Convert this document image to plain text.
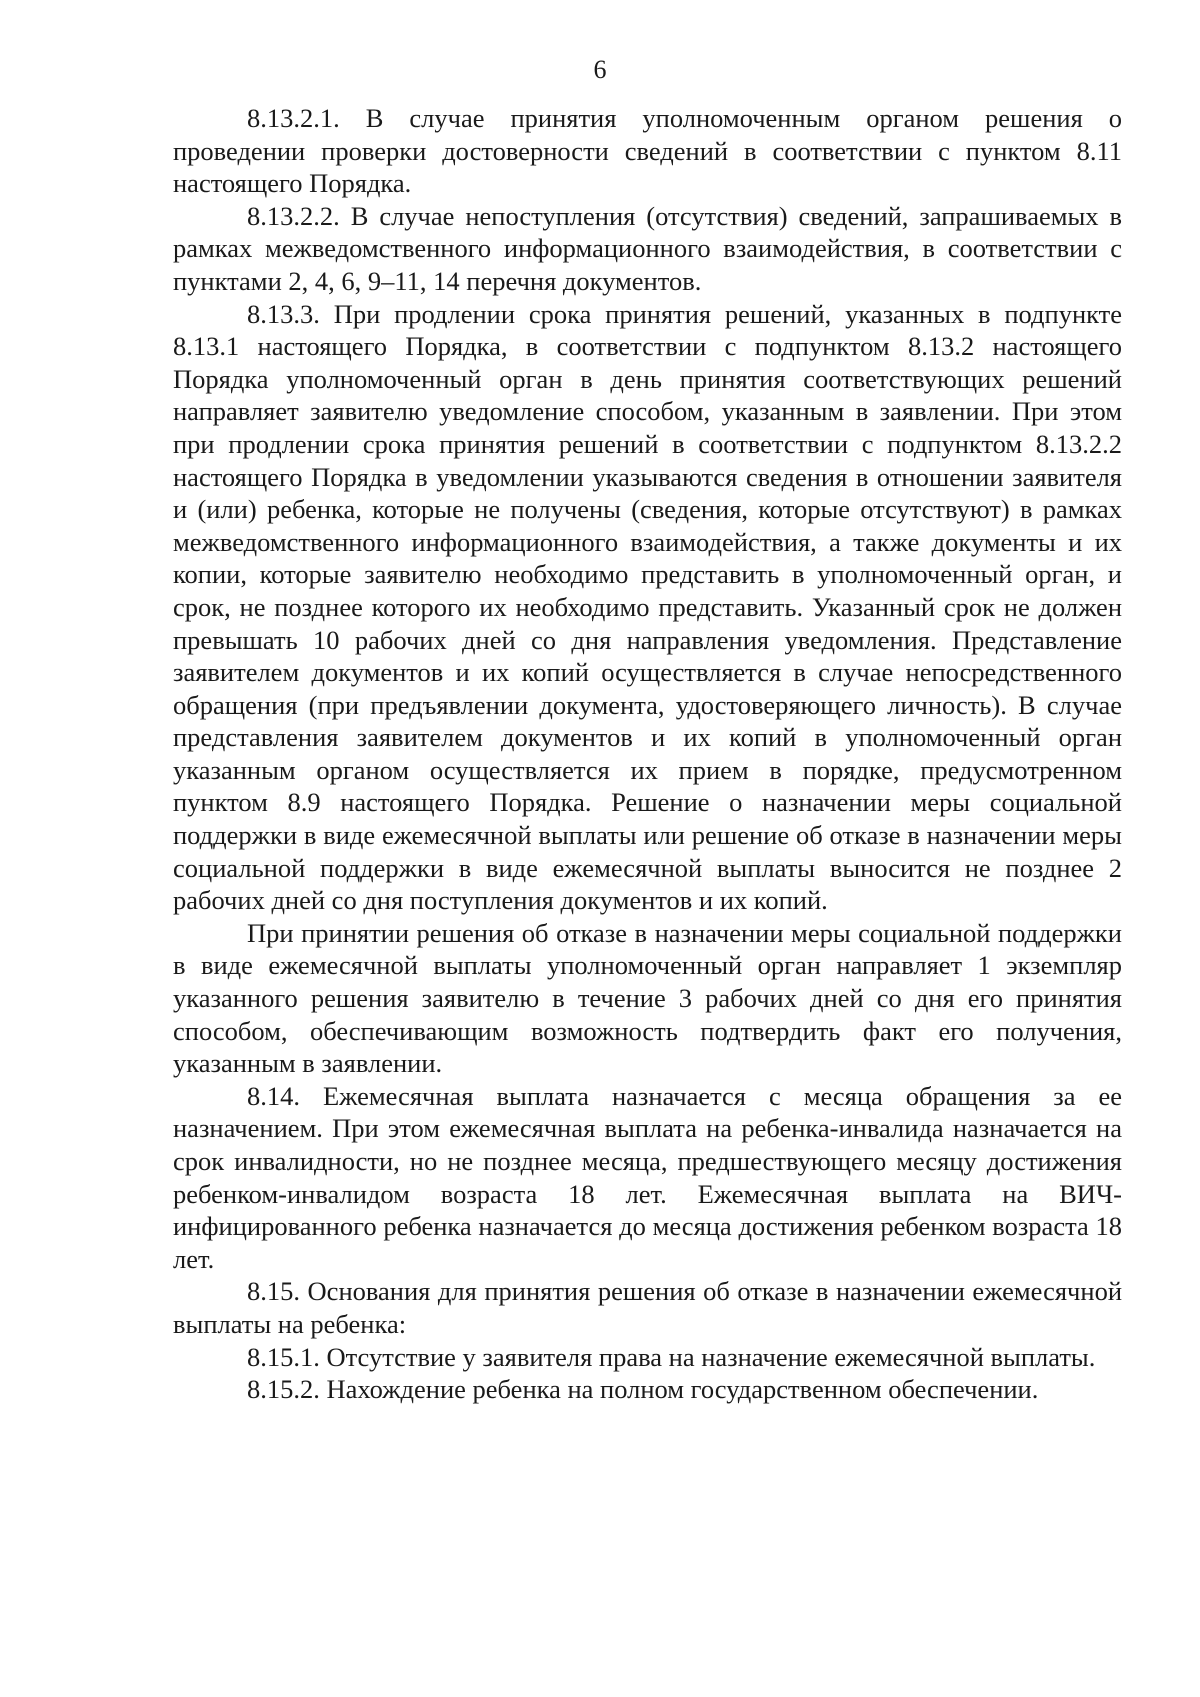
6

8.13.2.1. В случае принятия уполномоченным органом решения о проведении проверки достоверности сведений в соответствии с пунктом 8.11 настоящего Порядка.

8.13.2.2. В случае непоступления (отсутствия) сведений, запрашиваемых в рамках межведомственного информационного взаимодействия, в соответствии с пунктами 2, 4, 6, 9–11, 14 перечня документов.

8.13.3. При продлении срока принятия решений, указанных в подпункте 8.13.1 настоящего Порядка, в соответствии с подпунктом 8.13.2 настоящего Порядка уполномоченный орган в день принятия соответствующих решений направляет заявителю уведомление способом, указанным в заявлении. При этом при продлении срока принятия решений в соответствии с подпунктом 8.13.2.2 настоящего Порядка в уведомлении указываются сведения в отношении заявителя и (или) ребенка, которые не получены (сведения, которые отсутствуют) в рамках межведомственного информационного взаимодействия, а также документы и их копии, которые заявителю необходимо представить в уполномоченный орган, и срок, не позднее которого их необходимо представить. Указанный срок не должен превышать 10 рабочих дней со дня направления уведомления. Представление заявителем документов и их копий осуществляется в случае непосредственного обращения (при предъявлении документа, удостоверяющего личность). В случае представления заявителем документов и их копий в уполномоченный орган указанным органом осуществляется их прием в порядке, предусмотренном пунктом 8.9 настоящего Порядка. Решение о назначении меры социальной поддержки в виде ежемесячной выплаты или решение об отказе в назначении меры социальной поддержки в виде ежемесячной выплаты выносится не позднее 2 рабочих дней со дня поступления документов и их копий.

При принятии решения об отказе в назначении меры социальной поддержки в виде ежемесячной выплаты уполномоченный орган направляет 1 экземпляр указанного решения заявителю в течение 3 рабочих дней со дня его принятия способом, обеспечивающим возможность подтвердить факт его получения, указанным в заявлении.

8.14. Ежемесячная выплата назначается с месяца обращения за ее назначением. При этом ежемесячная выплата на ребенка-инвалида назначается на срок инвалидности, но не позднее месяца, предшествующего месяцу достижения ребенком-инвалидом возраста 18 лет. Ежемесячная выплата на ВИЧ-инфицированного ребенка назначается до месяца достижения ребенком возраста 18 лет.

8.15. Основания для принятия решения об отказе в назначении ежемесячной выплаты на ребенка:

8.15.1. Отсутствие у заявителя права на назначение ежемесячной выплаты.

8.15.2. Нахождение ребенка на полном государственном обеспечении.
